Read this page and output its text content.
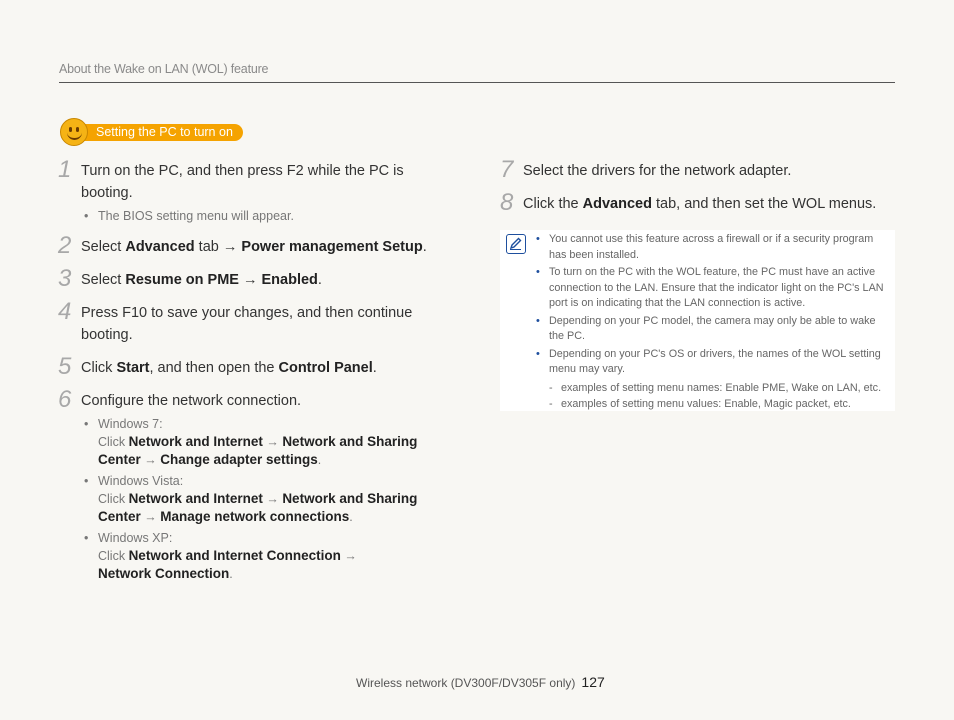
About the Wake on LAN (WOL) feature
Setting the PC to turn on
1 Turn on the PC, and then press F2 while the PC is booting.
• The BIOS setting menu will appear.
2 Select Advanced tab → Power management Setup.
3 Select Resume on PME → Enabled.
4 Press F10 to save your changes, and then continue booting.
5 Click Start, and then open the Control Panel.
6 Configure the network connection.
• Windows 7:
Click Network and Internet → Network and Sharing
Center → Change adapter settings.
• Windows Vista:
Click Network and Internet → Network and Sharing
Center → Manage network connections.
• Windows XP:
Click Network and Internet Connection →
Network Connection.
7 Select the drivers for the network adapter.
8 Click the Advanced tab, and then set the WOL menus.
• You cannot use this feature across a firewall or if a security program has been installed.
• To turn on the PC with the WOL feature, the PC must have an active connection to the LAN. Ensure that the indicator light on the PC's LAN port is on indicating that the LAN connection is active.
• Depending on your PC model, the camera may only be able to wake the PC.
• Depending on your PC's OS or drivers, the names of the WOL setting menu may vary.
- examples of setting menu names: Enable PME, Wake on LAN, etc.
- examples of setting menu values: Enable, Magic packet, etc.
Wireless network (DV300F/DV305F only) 127
